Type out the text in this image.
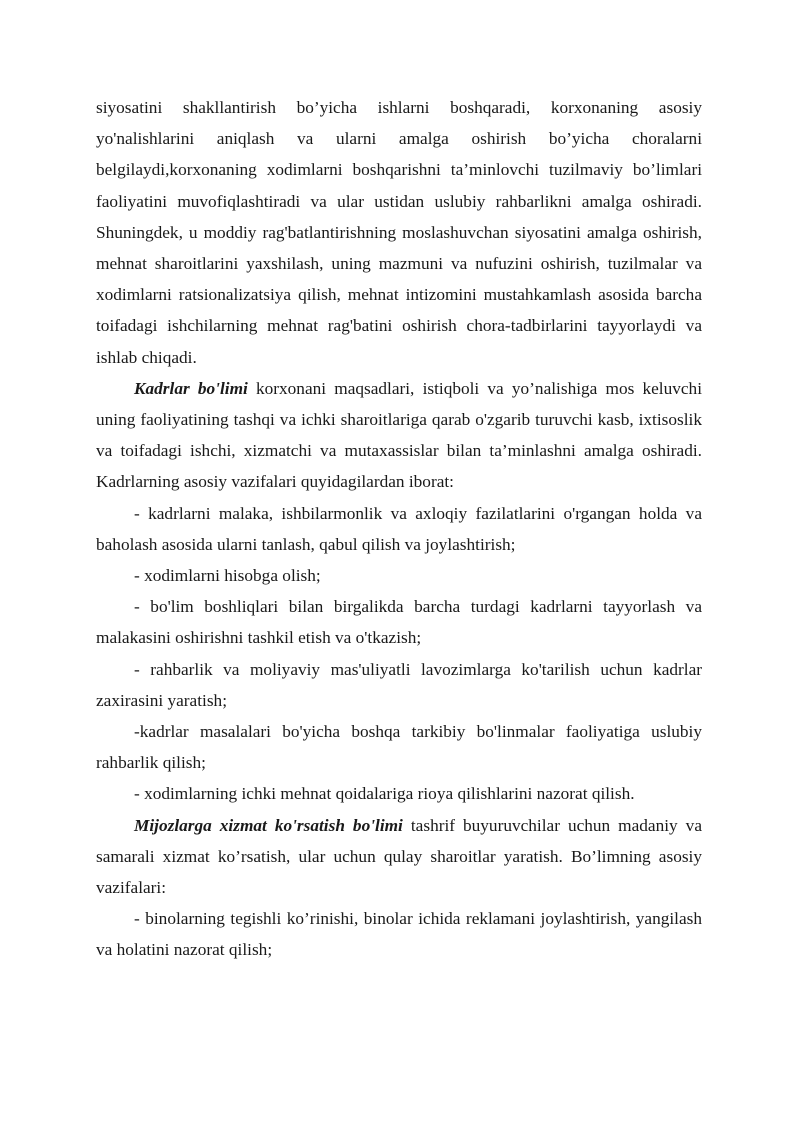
siyosatini shakllantirish bo’yicha ishlarni boshqaradi, korxonaning asosiy yo'nalishlarini aniqlash va ularni amalga oshirish bo’yicha choralarni belgilaydi,korxonaning xodimlarni boshqarishni ta’minlovchi tuzilmaviy bo’limlari faoliyatini muvofiqlashtiradi va ular ustidan uslubiy rahbarlikni amalga oshiradi. Shuningdek, u moddiy rag'batlantirishning moslashuvchan siyosatini amalga oshirish, mehnat sharoitlarini yaxshilash, uning mazmuni va nufuzini oshirish, tuzilmalar va xodimlarni ratsionalizatsiya qilish, mehnat intizomini mustahkamlash asosida barcha toifadagi ishchilarning mehnat rag'batini oshirish chora-tadbirlarini tayyorlaydi va ishlab chiqadi.

Kadrlar bo'limi korxonani maqsadlari, istiqboli va yo’nalishiga mos keluvchi uning faoliyatining tashqi va ichki sharoitlariga qarab o'zgarib turuvchi kasb, ixtisoslik va toifadagi ishchi, xizmatchi va mutaxassislar bilan ta’minlashni amalga oshiradi. Kadrlarning asosiy vazifalari quyidagilardan iborat:

- kadrlarni malaka, ishbilarmonlik va axloqiy fazilatlarini o'rgangan holda va baholash asosida ularni tanlash, qabul qilish va joylashtirish;

- xodimlarni hisobga olish;

- bo'lim boshliqlari bilan birgalikda barcha turdagi kadrlarni tayyorlash va malakasini oshirishni tashkil etish va o'tkazish;

- rahbarlik va moliyaviy mas'uliyatli lavozimlarga ko'tarilish uchun kadrlar zaxirasini yaratish;

-kadrlar masalalari bo'yicha boshqa tarkibiy bo'linmalar faoliyatiga uslubiy rahbarlik qilish;

- xodimlarning ichki mehnat qoidalariga rioya qilishlarini nazorat qilish.

Mijozlarga xizmat ko'rsatish bo'limi tashrif buyuruvchilar uchun madaniy va samarali xizmat ko’rsatish, ular uchun qulay sharoitlar yaratish. Bo’limning asosiy vazifalari:

- binolarning tegishli ko’rinishi, binolar ichida reklamani joylashtirish, yangilash va holatini nazorat qilish;
